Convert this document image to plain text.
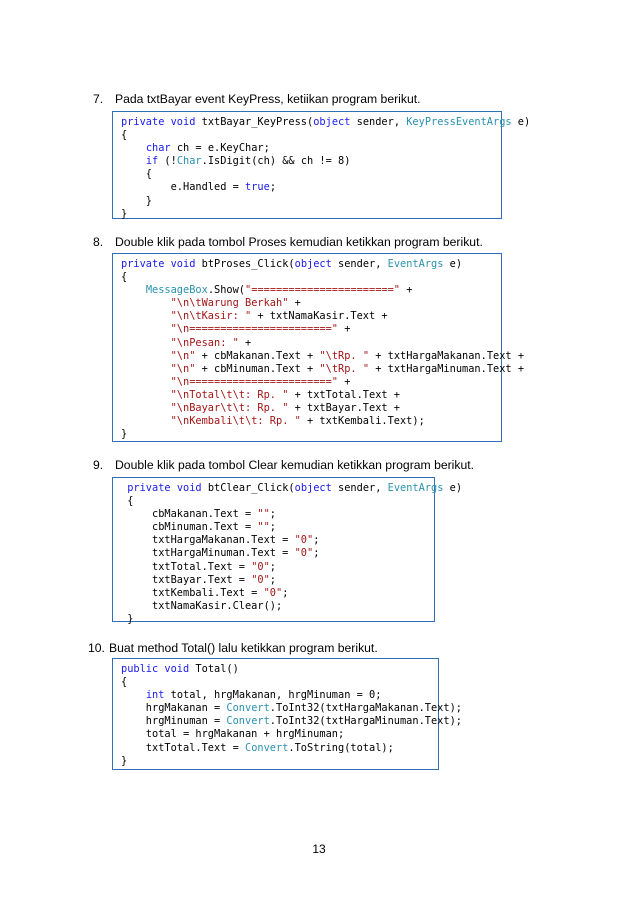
7. Pada txtBayar event KeyPress, ketiikan program berikut.
private void txtBayar_KeyPress(object sender, KeyPressEventArgs e)
{
char ch = e.KeyChar;
if (!Char.IsDigit(ch) && ch != 8)
{
e.Handled = true;
}
}
8. Double klik pada tombol Proses kemudian ketikkan program berikut.
private void btProses_Click(object sender, EventArgs e)
{
MessageBox.Show("=======================" +
"\n\tWarung Berkah" +
"\n\tKasir: " + txtNamaKasir.Text +
"\n=======================" +
"\nPesan: " +
"\n" + cbMakanan.Text + "\tRp. " + txtHargaMakanan.Text +
"\n" + cbMinuman.Text + "\tRp. " + txtHargaMinuman.Text +
"\n=======================" +
"\nTotal\t\t: Rp. " + txtTotal.Text +
"\nBayar\t\t: Rp. " + txtBayar.Text +
"\nKembali\t\t: Rp. " + txtKembali.Text);
}
9. Double klik pada tombol Clear kemudian ketikkan program berikut.
private void btClear_Click(object sender, EventArgs e)
{
cbMakanan.Text = "";
cbMinuman.Text = "";
txtHargaMakanan.Text = "0";
txtHargaMinuman.Text = "0";
txtTotal.Text = "0";
txtBayar.Text = "0";
txtKembali.Text = "0";
txtNamaKasir.Clear();
}
10. Buat method Total() lalu ketikkan program berikut.
public void Total()
{
int total, hrgMakanan, hrgMinuman = 0;
hrgMakanan = Convert.ToInt32(txtHargaMakanan.Text);
hrgMinuman = Convert.ToInt32(txtHargaMinuman.Text);
total = hrgMakanan + hrgMinuman;
txtTotal.Text = Convert.ToString(total);
}
13
